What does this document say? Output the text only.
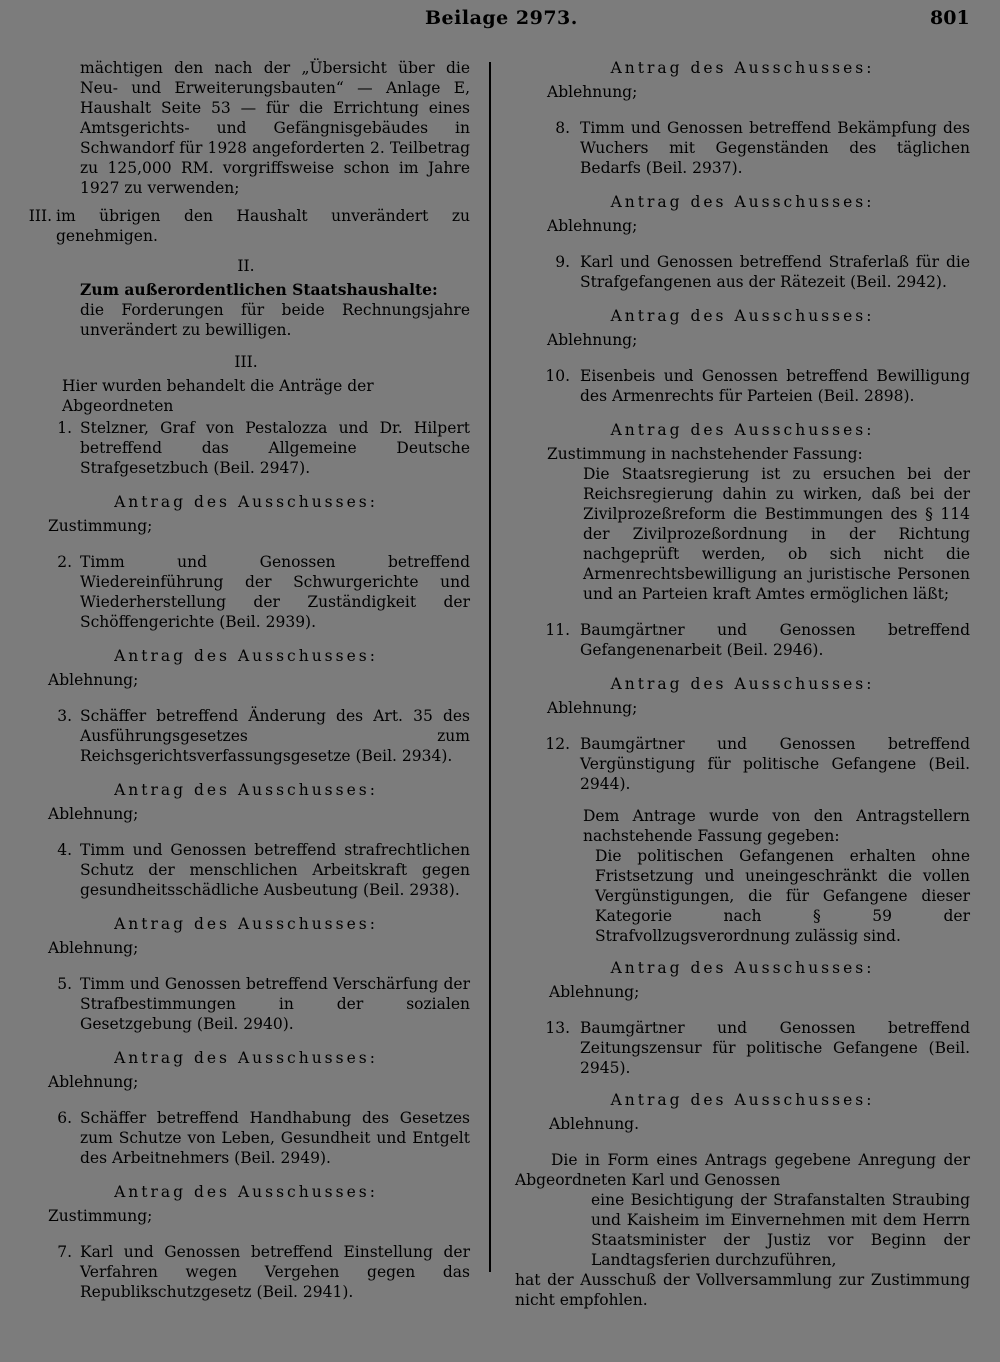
Beilage 2973.	801

mächtigen den nach der „Übersicht über die Neu- und Erweiterungsbauten“ — Anlage E, Haushalt Seite 53 — für die Errichtung eines Amtsgerichts- und Gefängnisgebäudes in Schwandorf für 1928 angeforderten 2. Teilbetrag zu 125,000 RM. vorgriffsweise schon im Jahre 1927 zu verwenden;

III. im übrigen den Haushalt unverändert zu genehmigen.

II.

Zum außerordentlichen Staatshaushalte:

die Forderungen für beide Rechnungsjahre unverändert zu bewilligen.

III.

Hier wurden behandelt die Anträge der Abgeordneten

1. Stelzner, Graf von Pestalozza und Dr. Hilpert betreffend das Allgemeine Deutsche Strafgesetzbuch (Beil. 2947).

Antrag des Ausschusses:

Zustimmung;

2. Timm und Genossen betreffend Wiedereinführung der Schwurgerichte und Wiederherstellung der Zuständigkeit der Schöffengerichte (Beil. 2939).

Antrag des Ausschusses:

Ablehnung;

3. Schäffer betreffend Änderung des Art. 35 des Ausführungsgesetzes zum Reichsgerichtsverfassungsgesetze (Beil. 2934).

Antrag des Ausschusses:

Ablehnung;

4. Timm und Genossen betreffend strafrechtlichen Schutz der menschlichen Arbeitskraft gegen gesundheitsschädliche Ausbeutung (Beil. 2938).

Antrag des Ausschusses:

Ablehnung;

5. Timm und Genossen betreffend Verschärfung der Strafbestimmungen in der sozialen Gesetzgebung (Beil. 2940).

Antrag des Ausschusses:

Ablehnung;

6. Schäffer betreffend Handhabung des Gesetzes zum Schutze von Leben, Gesundheit und Entgelt des Arbeitnehmers (Beil. 2949).

Antrag des Ausschusses:

Zustimmung;

7. Karl und Genossen betreffend Einstellung der Verfahren wegen Vergehen gegen das Republikschutzgesetz (Beil. 2941).

Antrag des Ausschusses:

Ablehnung;

8. Timm und Genossen betreffend Bekämpfung des Wuchers mit Gegenständen des täglichen Bedarfs (Beil. 2937).

Antrag des Ausschusses:

Ablehnung;

9. Karl und Genossen betreffend Straferlaß für die Strafgefangenen aus der Rätezeit (Beil. 2942).

Antrag des Ausschusses:

Ablehnung;

10. Eisenbeis und Genossen betreffend Bewilligung des Armenrechts für Parteien (Beil. 2898).

Antrag des Ausschusses:

Zustimmung in nachstehender Fassung:

Die Staatsregierung ist zu ersuchen bei der Reichsregierung dahin zu wirken, daß bei der Zivilprozeßreform die Bestimmungen des § 114 der Zivilprozeßordnung in der Richtung nachgeprüft werden, ob sich nicht die Armenrechtsbewilligung an juristische Personen und an Parteien kraft Amtes ermöglichen läßt;

11. Baumgärtner und Genossen betreffend Gefangenenarbeit (Beil. 2946).

Antrag des Ausschusses:

Ablehnung;

12. Baumgärtner und Genossen betreffend Vergünstigung für politische Gefangene (Beil. 2944).

Dem Antrage wurde von den Antragstellern nachstehende Fassung gegeben:

Die politischen Gefangenen erhalten ohne Fristsetzung und uneingeschränkt die vollen Vergünstigungen, die für Gefangene dieser Kategorie nach § 59 der Strafvollzugsverordnung zulässig sind.

Antrag des Ausschusses:

Ablehnung;

13. Baumgärtner und Genossen betreffend Zeitungszensur für politische Gefangene (Beil. 2945).

Antrag des Ausschusses:

Ablehnung.

Die in Form eines Antrags gegebene Anregung der Abgeordneten Karl und Genossen

eine Besichtigung der Strafanstalten Straubing und Kaisheim im Einvernehmen mit dem Herrn Staatsminister der Justiz vor Beginn der Landtagsferien durchzuführen,

hat der Ausschuß der Vollversammlung zur Zustimmung nicht empfohlen.
